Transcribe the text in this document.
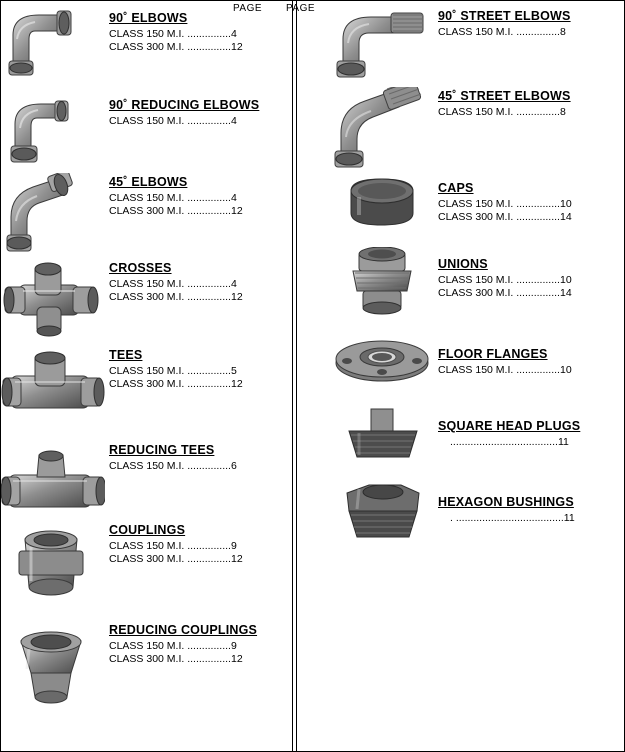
PAGE PAGE
90˚ ELBOWS
CLASS 150 M.I. ...............4
CLASS 300 M.I. ...............12
90˚ REDUCING ELBOWS
CLASS 150 M.I. ...............4
45˚ ELBOWS
CLASS 150 M.I. ...............4
CLASS 300 M.I. ...............12
CROSSES
CLASS 150 M.I. ...............4
CLASS 300 M.I. ...............12
TEES
CLASS 150 M.I. ...............5
CLASS 300 M.I. ...............12
REDUCING TEES
CLASS 150 M.I. ...............6
COUPLINGS
CLASS 150 M.I. ...............9
CLASS 300 M.I. ...............12
REDUCING COUPLINGS
CLASS 150 M.I. ...............9
CLASS 300 M.I. ...............12
90˚ STREET ELBOWS
CLASS 150 M.I. ...............8
45˚ STREET ELBOWS
CLASS 150 M.I. ...............8
CAPS
CLASS 150 M.I. ...............10
CLASS 300 M.I. ...............14
UNIONS
CLASS 150 M.I. ...............10
CLASS 300 M.I. ...............14
FLOOR FLANGES
CLASS 150 M.I. ...............10
SQUARE HEAD PLUGS
.....................................11
HEXAGON BUSHINGS
. .....................................11
